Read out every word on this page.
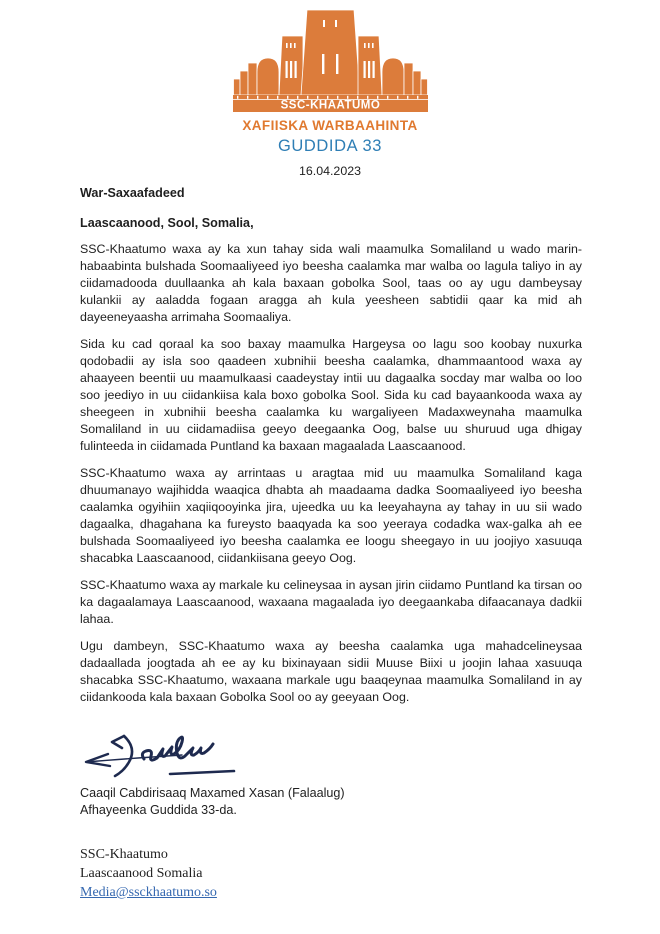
SSC-KHAATUMO
XAFIISKA WARBAAHINTA
GUDDIDA 33
16.04.2023
War-Saxaafadeed
Laascaanood, Sool, Somalia,

SSC-Khaatumo waxa ay ka xun tahay sida wali maamulka Somaliland u wado marin-habaabinta bulshada Soomaaliyeed iyo beesha caalamka mar walba oo lagula taliyo in ay ciidamadooda duullaanka ah kala baxaan gobolka Sool, taas oo ay ugu dambeysay kulankii ay aaladda fogaan aragga ah kula yeesheen sabtidii qaar ka mid ah dayeeneyaasha arrimaha Soomaaliya.

Sida ku cad qoraal ka soo baxay maamulka Hargeysa oo lagu soo koobay nuxurka qodobadii ay isla soo qaadeen xubnihii beesha caalamka, dhammaantood waxa ay ahaayeen beentii uu maamulkaasi caadeystay intii uu dagaalka socday mar walba oo loo soo jeediyo in uu ciidankiisa kala boxo gobolka Sool. Sida ku cad bayaankooda waxa ay sheegeen in xubnihii beesha caalamka ku wargaliyeen Madaxweynaha maamulka Somaliland in uu ciidamadiisa geeyo deegaanka Oog, balse uu shuruud uga dhigay fulinteeda in ciidamada Puntland ka baxaan magaalada Laascaanood.

SSC-Khaatumo waxa ay arrintaas u aragtaa mid uu maamulka Somaliland kaga dhuumanayo wajihidda waaqica dhabta ah maadaama dadka Soomaaliyeed iyo beesha caalamka ogyihiin xaqiiqooyinka jira, ujeedka uu ka leeyahayna ay tahay in uu sii wado dagaalka, dhagahana ka fureysto baaqyada ka soo yeeraya codadka wax-galka ah ee bulshada Soomaaliyeed iyo beesha caalamka ee loogu sheegayo in uu joojiyo xasuuqa shacabka Laascaanood, ciidankiisana geeyo Oog.

SSC-Khaatumo waxa ay markale ku celineysaa in aysan jirin ciidamo Puntland ka tirsan oo ka dagaalamaya Laascaanood, waxaana magaalada iyo deegaankaba difaacanaya dadkii lahaa.

Ugu dambeyn, SSC-Khaatumo waxa ay beesha caalamka uga mahadcelineysaa dadaallada joogtada ah ee ay ku bixinayaan sidii Muuse Biixi u joojin lahaa xasuuqa shacabka SSC-Khaatumo, waxaana markale ugu baaqeynaa maamulka Somaliland in ay ciidankooda kala baxaan Gobolka Sool oo ay geeyaan Oog.

Caaqil Cabdirisaaq Maxamed Xasan (Falaalug)
Afhayeenka Guddida 33-da.
SSC-Khaatumo
Laascaanood Somalia
Media@ssckhaatumo.so
